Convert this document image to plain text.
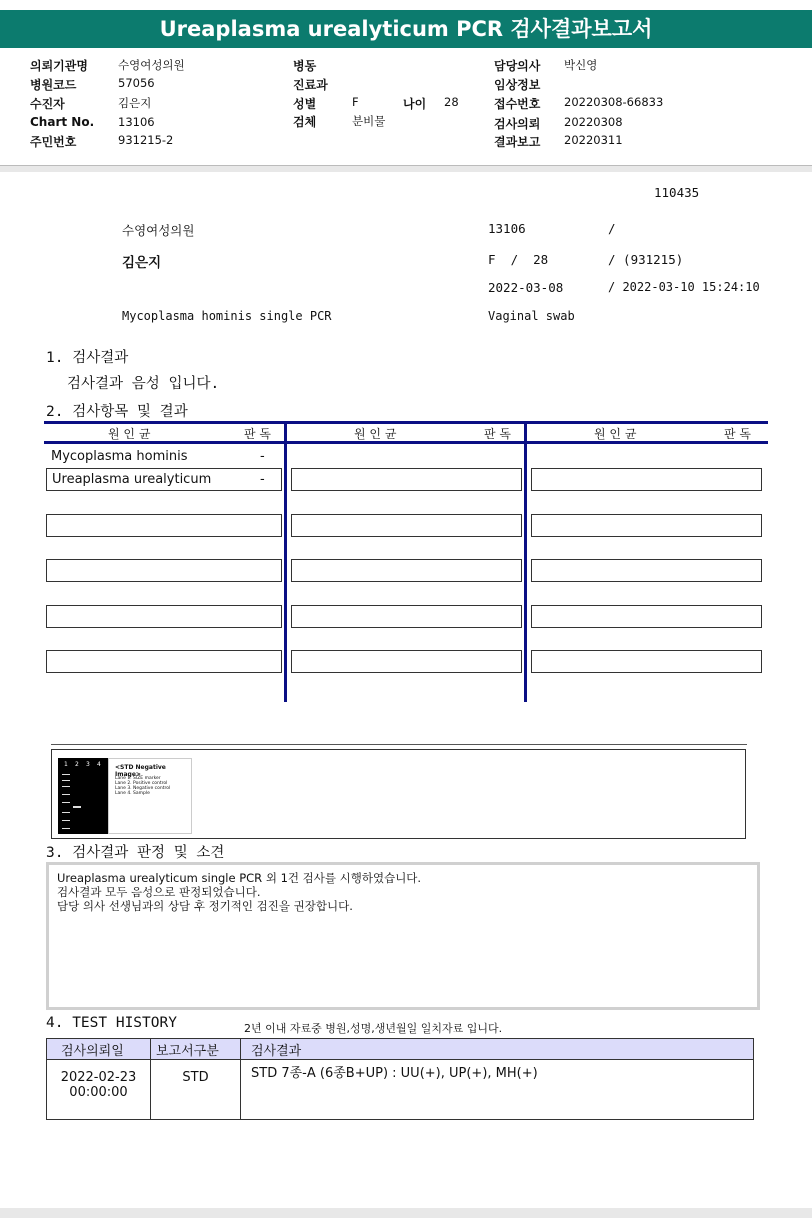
Ureaplasma urealyticum PCR 검사결과보고서
의뢰기관명	수영여성의원
병원코드	57056
수진자	김은지
Chart No. 13106
주민번호	931215-2
병동
진료과
성별	F	나이 28
검체	분비물
담당의사 박신영
임상정보
접수번호 20220308-66833
검사의뢰 20220308
결과보고 20220311
110435
수영여성의원	13106	/
김은지	F  /  28	/ (931215)
2022-03-08	/ 2022-03-10 15:24:10
Mycoplasma hominis single PCR	Vaginal swab
1. 검사결과
검사결과 음성 입니다.
2. 검사항목 및 결과
원 인 균	판 독	원 인 균	판 독	원 인 균	판 독
Mycoplasma hominis	-
Ureaplasma urealyticum	-
1 2 3 4 <STD Negative Image>
Lane 1. SIZE marker
Lane 2. Positive control
Lane 3. Negative control
Lane 4. Sample
3. 검사결과 판정 및 소견
Ureaplasma urealyticum single PCR 외 1건 검사를 시행하였습니다.
검사결과 모두 음성으로 판정되었습니다.
담당 의사 선생님과의 상담 후 정기적인 검진을 권장합니다.
4. TEST HISTORY	2년 이내 자료중 병원,성명,생년월일 일치자료 입니다.
검사의뢰일	보고서구분	검사결과

2022-02-23
00:00:00	STD	STD 7종-A (6종B+UP) : UU(+), UP(+), MH(+)
